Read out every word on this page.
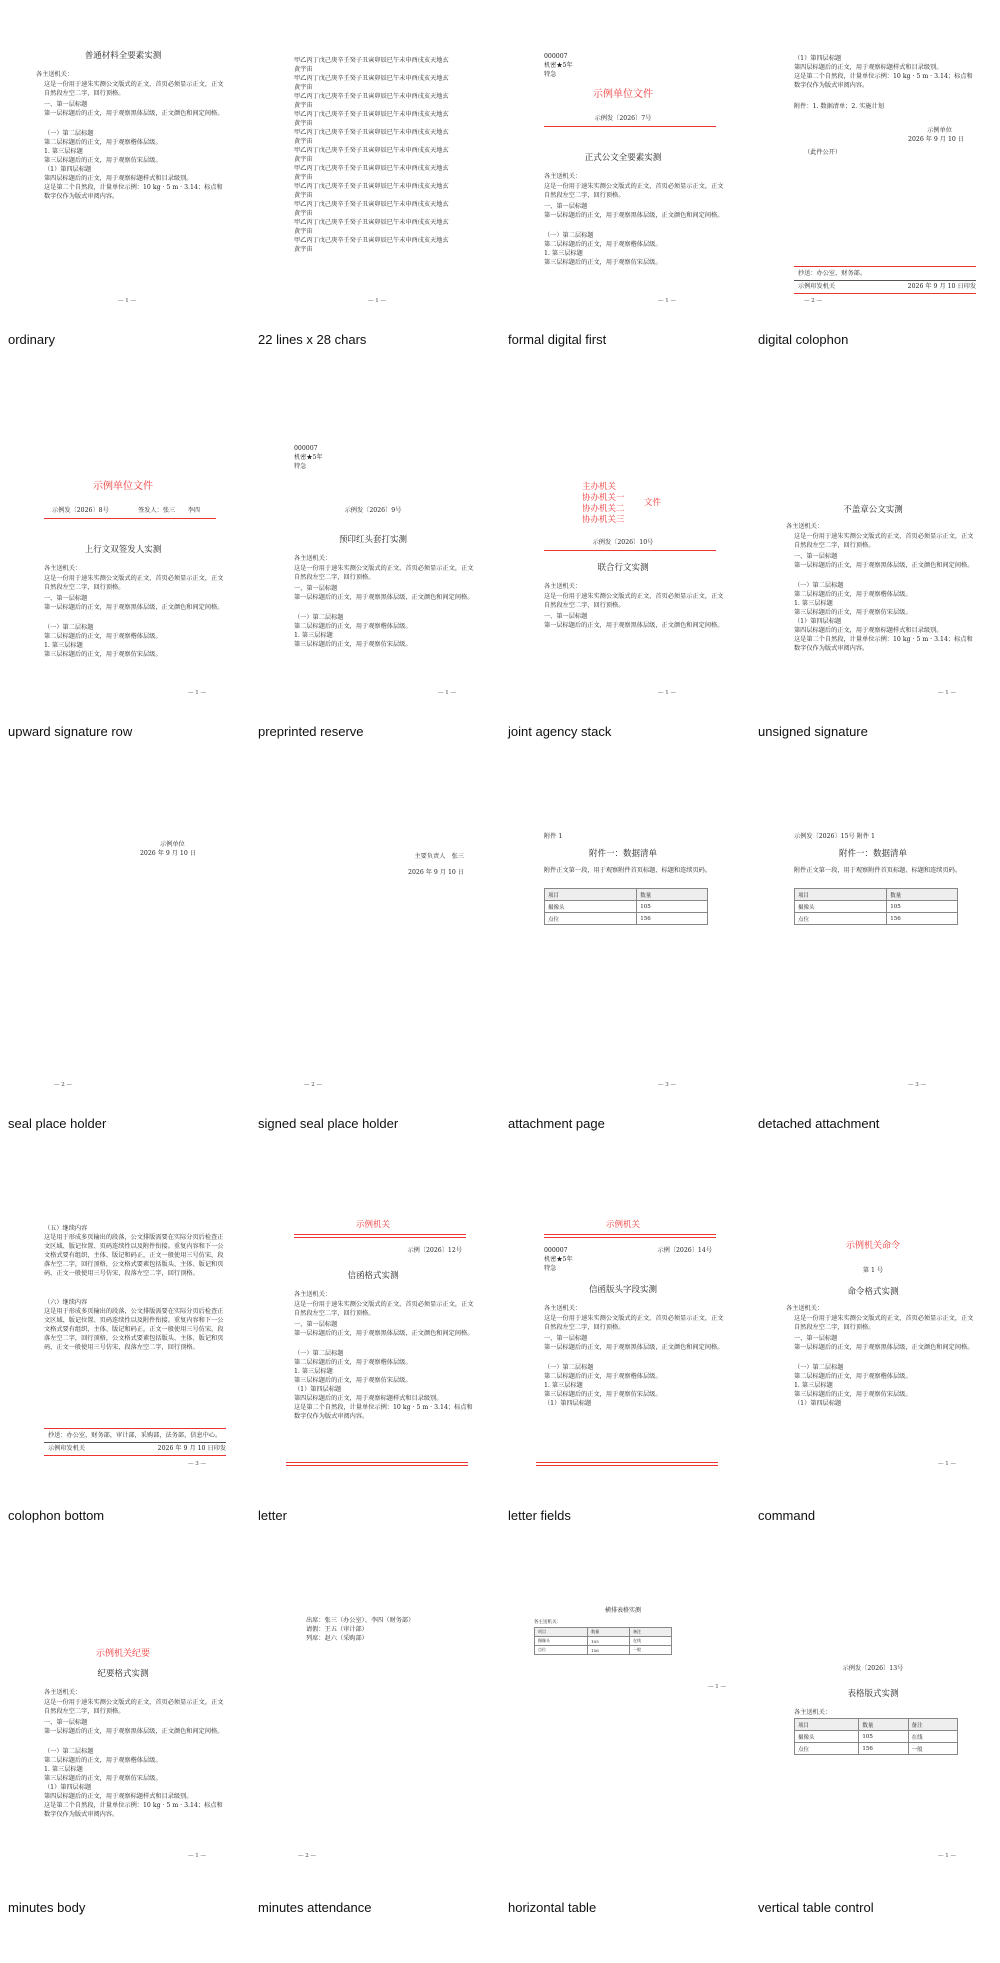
普通材料全要素实测
各主送机关：
这是一份用于速朱实测公文版式的正文，首页必须显示正文，正文自然段左空二字，回行顶格。
一、第一层标题
第一层标题后的正文，用于观察黑体层级，正文颜色和间定间格。
（一）第二层标题
第二层标题后的正文，用于观察楷体层级。
1. 第三层标题
第三层标题后的正文，用于观察仿宋层级。
（1）第四层标题
第四层标题后的正文，用于观察标题样式和目录级别。
这是第二个自然段，计量单位示例：10 kg · 5 m · 3.14；标点和数字仅作为版式审阅内容。
— 1 —
ordinary
甲乙丙丁戊己庚辛壬癸子丑寅卯辰巳午未申酉戌亥天地玄
黄宇宙
甲乙丙丁戊己庚辛壬癸子丑寅卯辰巳午未申酉戌亥天地玄
黄宇宙
甲乙丙丁戊己庚辛壬癸子丑寅卯辰巳午未申酉戌亥天地玄
黄宇宙
甲乙丙丁戊己庚辛壬癸子丑寅卯辰巳午未申酉戌亥天地玄
黄宇宙
甲乙丙丁戊己庚辛壬癸子丑寅卯辰巳午未申酉戌亥天地玄
黄宇宙
甲乙丙丁戊己庚辛壬癸子丑寅卯辰巳午未申酉戌亥天地玄
黄宇宙
甲乙丙丁戊己庚辛壬癸子丑寅卯辰巳午未申酉戌亥天地玄
黄宇宙
甲乙丙丁戊己庚辛壬癸子丑寅卯辰巳午未申酉戌亥天地玄
黄宇宙
甲乙丙丁戊己庚辛壬癸子丑寅卯辰巳午未申酉戌亥天地玄
黄宇宙
甲乙丙丁戊己庚辛壬癸子丑寅卯辰巳午未申酉戌亥天地玄
黄宇宙
甲乙丙丁戊己庚辛壬癸子丑寅卯辰巳午未申酉戌亥天地玄
黄宇宙
— 1 —
22 lines x 28 chars
000007
机密★5年
特急
示例单位文件
示例发〔2026〕7号
正式公文全要素实测
各主送机关：
这是一份用于速朱实测公文版式的正文，首页必须显示正文，正文自然段左空二字，回行顶格。
一、第一层标题
第一层标题后的正文，用于观察黑体层级，正文颜色和间定间格。
（一）第二层标题
第二层标题后的正文，用于观察楷体层级。
1. 第三层标题
第三层标题后的正文，用于观察仿宋层级。
— 1 —
formal digital first
（1）第四层标题
第四层标题后的正文，用于观察标题样式和目录级别。
这是第二个自然段，计量单位示例：10 kg · 5 m · 3.14；标点和数字仅作为版式审阅内容。
附件：1. 数据清单；2. 实施计划
示例单位
2026 年 9 月 10 日
（此件公开）
抄送：办公室，财务部。
示例印发机关	2026 年 9 月 10 日印发
— 2 —
digital colophon
示例单位文件
示例发〔2026〕8号	签发人：张三　　李四
上行文双签发人实测
各主送机关：
这是一份用于速朱实测公文版式的正文，首页必须显示正文，正文自然段左空二字，回行顶格。
一、第一层标题
第一层标题后的正文，用于观察黑体层级，正文颜色和间定间格。
（一）第二层标题
第二层标题后的正文，用于观察楷体层级。
1. 第三层标题
第三层标题后的正文，用于观察仿宋层级。
— 1 —
upward signature row
000007
机密★5年
特急
示例发〔2026〕9号
预印红头套打实测
各主送机关：
这是一份用于速朱实测公文版式的正文，首页必须显示正文，正文自然段左空二字，回行顶格。
一、第一层标题
第一层标题后的正文，用于观察黑体层级，正文颜色和间定间格。
（一）第二层标题
第二层标题后的正文，用于观察楷体层级。
1. 第三层标题
第三层标题后的正文，用于观察仿宋层级。
— 1 —
preprinted reserve
主办机关
协办机关一
协办机关二
协办机关三
文件
示例发〔2026〕10号
联合行文实测
各主送机关：
这是一份用于速朱实测公文版式的正文，首页必须显示正文，正文自然段左空二字，回行顶格。
一、第一层标题
第一层标题后的正文，用于观察黑体层级，正文颜色和间定间格。
— 1 —
joint agency stack
不盖章公文实测
各主送机关：
这是一份用于速朱实测公文版式的正文，首页必须显示正文，正文自然段左空二字，回行顶格。
一、第一层标题
第一层标题后的正文，用于观察黑体层级，正文颜色和间定间格。
（一）第二层标题
第二层标题后的正文，用于观察楷体层级。
1. 第三层标题
第三层标题后的正文，用于观察仿宋层级。
（1）第四层标题
第四层标题后的正文，用于观察标题样式和目录级别。
这是第二个自然段，计量单位示例：10 kg · 5 m · 3.14；标点和数字仅作为版式审阅内容。
— 1 —
unsigned signature
示例单位
2026 年 9 月 10 日
— 2 —
seal place holder
主要负责人　张三
2026 年 9 月 10 日
— 2 —
signed seal place holder
附件 1
附件一：数据清单
附件正文第一段，用于观察附件首页标题、标题和连续页码。
项目	数量
摄像头	105
点位	156
— 3 —
attachment page
示例发〔2026〕15号 附件 1
附件一：数据清单
附件正文第一段，用于观察附件首页标题、标题和连续页码。
项目	数量
摄像头	105
点位	156
— 3 —
detached attachment
（五）继续内容
这是用于形成多页输出的段落，公文排版需要在实际分页后检查正文区域、版记位置、页码连续性以及附件衔接。重复内容和下一公文格式要有组织，主体、版记和码正，正文一般使用三号仿宋，段落左空二字，回行顶格，公文格式要素包括版头、主体、版记和页码，正文一般使用三号仿宋，段落左空二字，回行顶格。
（六）继续内容
这是用于形成多页输出的段落，公文排版需要在实际分页后检查正文区域、版记位置、页码连续性以及附件衔接。重复内容和下一公文格式要有组织，主体、版记和码正，正文一般使用三号仿宋，段落左空二字，回行顶格，公文格式要素包括版头、主体、版记和页码，正文一般使用三号仿宋，段落左空二字，回行顶格。
抄送：办公室，财务部，审计部，采购部，法务部，信息中心。
示例印发机关	2026 年 9 月 10 日印发
— 3 —
colophon bottom
示例机关
示例〔2026〕12号
信函格式实测
各主送机关：
这是一份用于速朱实测公文版式的正文，首页必须显示正文，正文自然段左空二字，回行顶格。
一、第一层标题
第一层标题后的正文，用于观察黑体层级，正文颜色和间定间格。
（一）第二层标题
第二层标题后的正文，用于观察楷体层级。
1. 第三层标题
第三层标题后的正文，用于观察仿宋层级。
（1）第四层标题
第四层标题后的正文，用于观察标题样式和目录级别。
这是第二个自然段，计量单位示例：10 kg · 5 m · 3.14；标点和数字仅作为版式审阅内容。
letter
示例机关
000007	示例〔2026〕14号
机密★5年
特急
信函版头字段实测
各主送机关：
这是一份用于速朱实测公文版式的正文，首页必须显示正文，正文自然段左空二字，回行顶格。
一、第一层标题
第一层标题后的正文，用于观察黑体层级，正文颜色和间定间格。
（一）第二层标题
第二层标题后的正文，用于观察楷体层级。
1. 第三层标题
第三层标题后的正文，用于观察仿宋层级。
（1）第四层标题
letter fields
示例机关命令
第 1 号
命令格式实测
各主送机关：
这是一份用于速朱实测公文版式的正文，首页必须显示正文，正文自然段左空二字，回行顶格。
一、第一层标题
第一层标题后的正文，用于观察黑体层级，正文颜色和间定间格。
（一）第二层标题
第二层标题后的正文，用于观察楷体层级。
1. 第三层标题
第三层标题后的正文，用于观察仿宋层级。
（1）第四层标题
— 1 —
command
示例机关纪要
纪要格式实测
各主送机关：
这是一份用于速朱实测公文版式的正文，首页必须显示正文，正文自然段左空二字，回行顶格。
一、第一层标题
第一层标题后的正文，用于观察黑体层级，正文颜色和间定间格。
（一）第二层标题
第二层标题后的正文，用于观察楷体层级。
1. 第三层标题
第三层标题后的正文，用于观察仿宋层级。
（1）第四层标题
第四层标题后的正文，用于观察标题样式和目录级别。
这是第二个自然段，计量单位示例：10 kg · 5 m · 3.14；标点和数字仅作为版式审阅内容。
— 1 —
minutes body
出席：张三（办公室）、李四（财务部）
请假：王五（审计部）
列席：赵六（采购部）
— 2 —
minutes attendance
横排表格实测
各主送机关：
项目	数量	备注
摄像头	105	在线
点位	156	一般
— 1 —
horizontal table
示例发〔2026〕13号
表格版式实测
各主送机关：
项目	数量	备注
摄像头	105	在线
点位	156	一般
— 1 —
vertical table control
